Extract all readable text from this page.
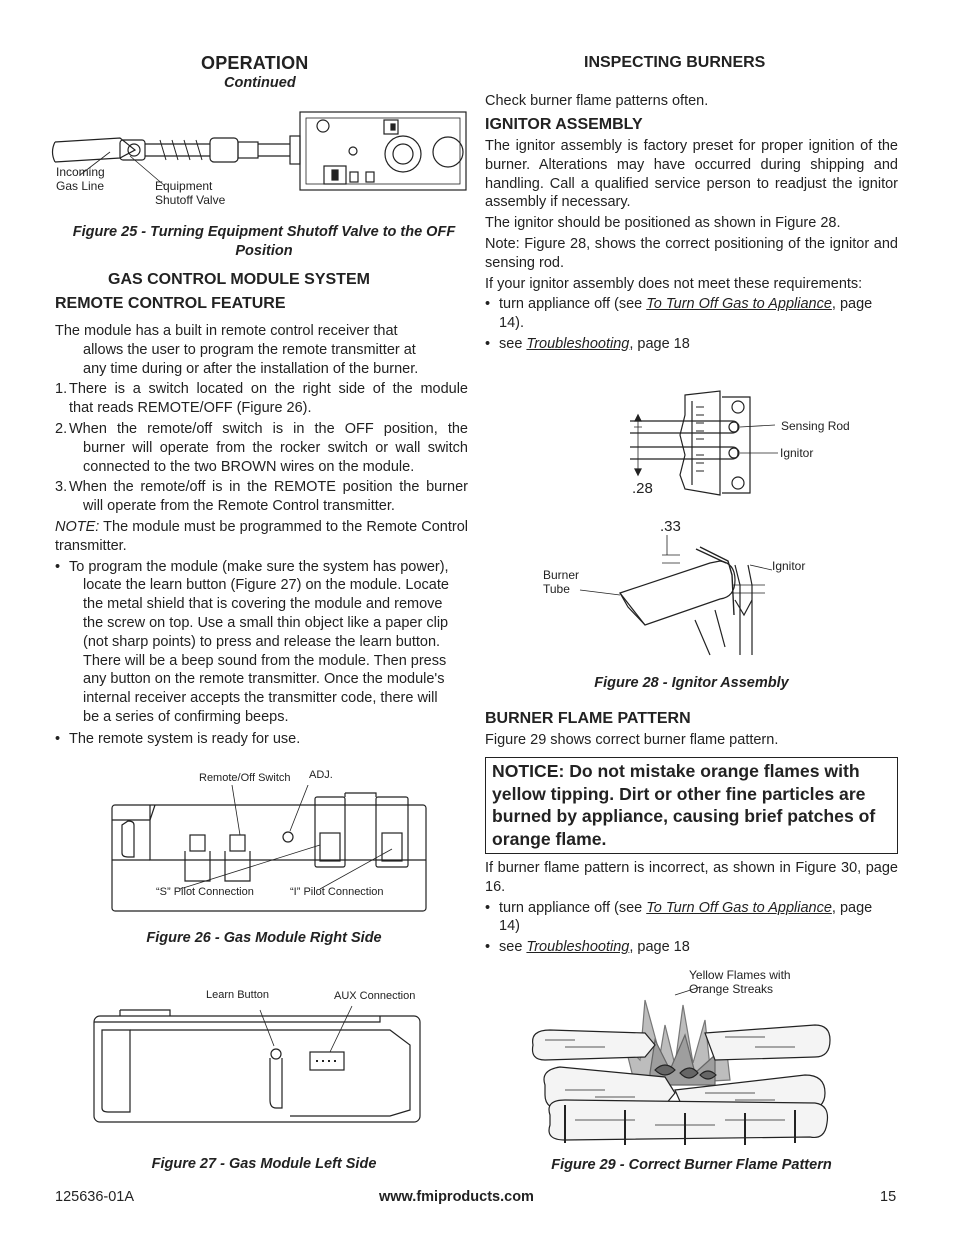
OPERATION
Continued
Incoming
Gas Line	Equipment
Shutoff Valve
Figure 25 - Turning Equipment Shutoff Valve to the OFF
Position
GAS CONTROL MODULE SYSTEM
REMOTE CONTROL FEATURE
The module has a built in remote control receiver that
allows the user to program the remote transmitter at
any time during or after the installation of the burner.
1. There is a switch located on the right side of the module
that reads REMOTE/OFF (Figure 26).
2. When the remote/off switch is in the OFF position, the
burner will operate from the rocker switch or wall switch
connected to the two BROWN wires on the module.
3. When the remote/off is in the REMOTE position the burner
will operate from the Remote Control transmitter.
NOTE: The module must be programmed to the Remote Control transmitter.
• To program the module (make sure the system has power),
locate the learn button (Figure 27) on the module. Locate
the metal shield that is covering the module and remove
the screw on top. Use a small thin object like a paper clip
(not sharp points) to press and release the learn button.
There will be a beep sound from the module. Then press
any button on the remote transmitter. Once the module's
internal receiver accepts the transmitter code, there will
be a series of confirming beeps.
• The remote system is ready for use.
Remote/Off Switch ADJ.
“S” Pilot Connection	“I” Pilot Connection
Figure 26 - Gas Module Right Side
Learn Button	AUX Connection
Figure 27 - Gas Module Left Side
INSPECTING BURNERS
Check burner flame patterns often.
IGNITOR ASSEMBLY

The ignitor assembly is factory preset for proper ignition of the burner. Alterations may have occurred during shipping and handling. Call a qualified service person to readjust the ignitor assembly if necessary.

The ignitor should be positioned as shown in Figure 28.

Note: Figure 28, shows the correct positioning of the ignitor and sensing rod.

If your ignitor assembly does not meet these requirements:

• turn appliance off (see To Turn Off Gas to Appliance, page
14).
• see Troubleshooting, page 18
.28
.33
Sensing Rod
Ignitor
Burner
Tube
Ignitor
Figure 28 - Ignitor Assembly
BURNER FLAME PATTERN
Figure 29 shows correct burner flame pattern.
NOTICE: Do not mistake orange flames with yellow tipping. Dirt or other fine particles are burned by appliance, causing brief patches of orange flame.

If burner flame pattern is incorrect, as shown in Figure 30, page 16.

• turn appliance off (see To Turn Off Gas to Appliance, page
14)
• see Troubleshooting, page 18
Yellow Flames with
Orange Streaks
Figure 29 - Correct Burner Flame Pattern
125636-01A	www.fmiproducts.com	15
